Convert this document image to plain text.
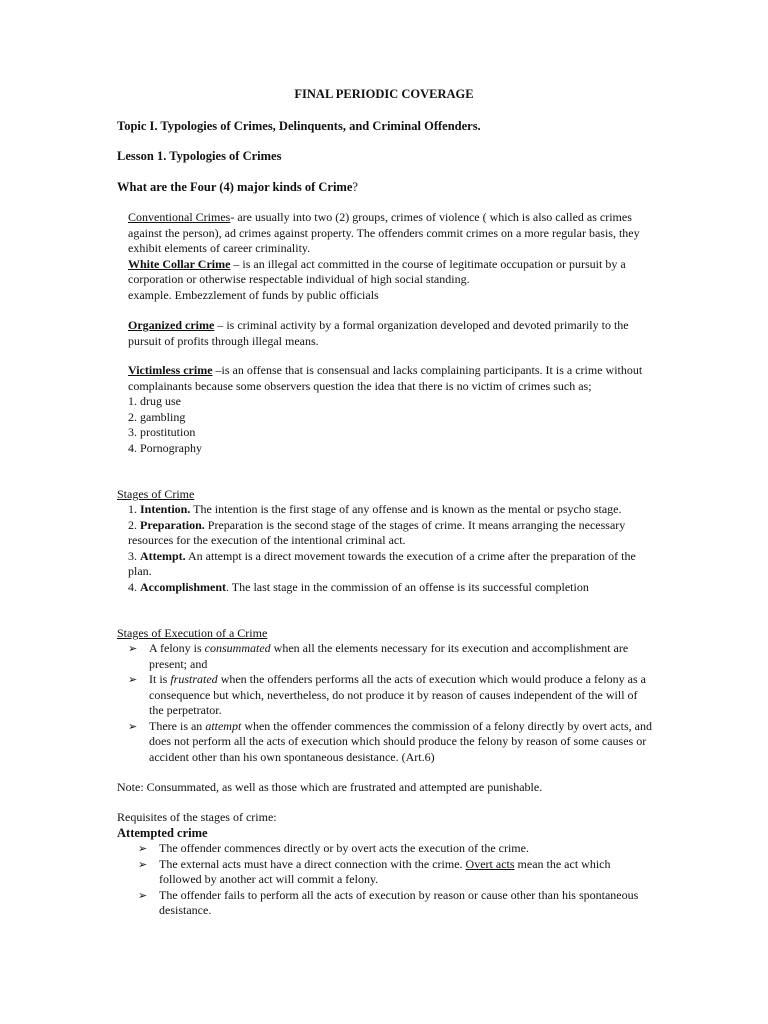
FINAL PERIODIC COVERAGE
Topic I. Typologies of Crimes, Delinquents, and Criminal Offenders.
Lesson 1. Typologies of Crimes
What are the Four (4) major kinds of Crime?
Conventional Crimes- are usually into two (2) groups, crimes of violence ( which is also called as crimes against the person), ad crimes against property. The offenders commit crimes on a more regular basis, they exhibit elements of career criminality.
White Collar Crime – is an illegal act committed in the course of legitimate occupation or pursuit by a corporation or otherwise respectable individual of high social standing.
example. Embezzlement of funds by public officials
Organized crime – is criminal activity by a formal organization developed and devoted primarily to the pursuit of profits through illegal means.
Victimless crime –is an offense that is consensual and lacks complaining participants. It is a crime without complainants because some observers question the idea that there is no victim of crimes such as;
1. drug use
2. gambling
3. prostitution
4. Pornography
Stages of Crime
1. Intention. The intention is the first stage of any offense and is known as the mental or psycho stage.
2. Preparation. Preparation is the second stage of the stages of crime. It means arranging the necessary resources for the execution of the intentional criminal act.
3. Attempt. An attempt is a direct movement towards the execution of a crime after the preparation of the plan.
4. Accomplishment. The last stage in the commission of an offense is its successful completion
Stages of Execution of a Crime
➢ A felony is consummated when all the elements necessary for its execution and accomplishment are present; and
➢ It is frustrated when the offenders performs all the acts of execution which would produce a felony as a consequence but which, nevertheless, do not produce it by reason of causes independent of the will of the perpetrator.
➢ There is an attempt when the offender commences the commission of a felony directly by overt acts, and does not perform all the acts of execution which should produce the felony by reason of some causes or accident other than his own spontaneous desistance. (Art.6)
Note: Consummated, as well as those which are frustrated and attempted are punishable.
Requisites of the stages of crime:
Attempted crime
➢ The offender commences directly or by overt acts the execution of the crime.
➢ The external acts must have a direct connection with the crime. Overt acts mean the act which followed by another act will commit a felony.
➢ The offender fails to perform all the acts of execution by reason or cause other than his spontaneous desistance.
